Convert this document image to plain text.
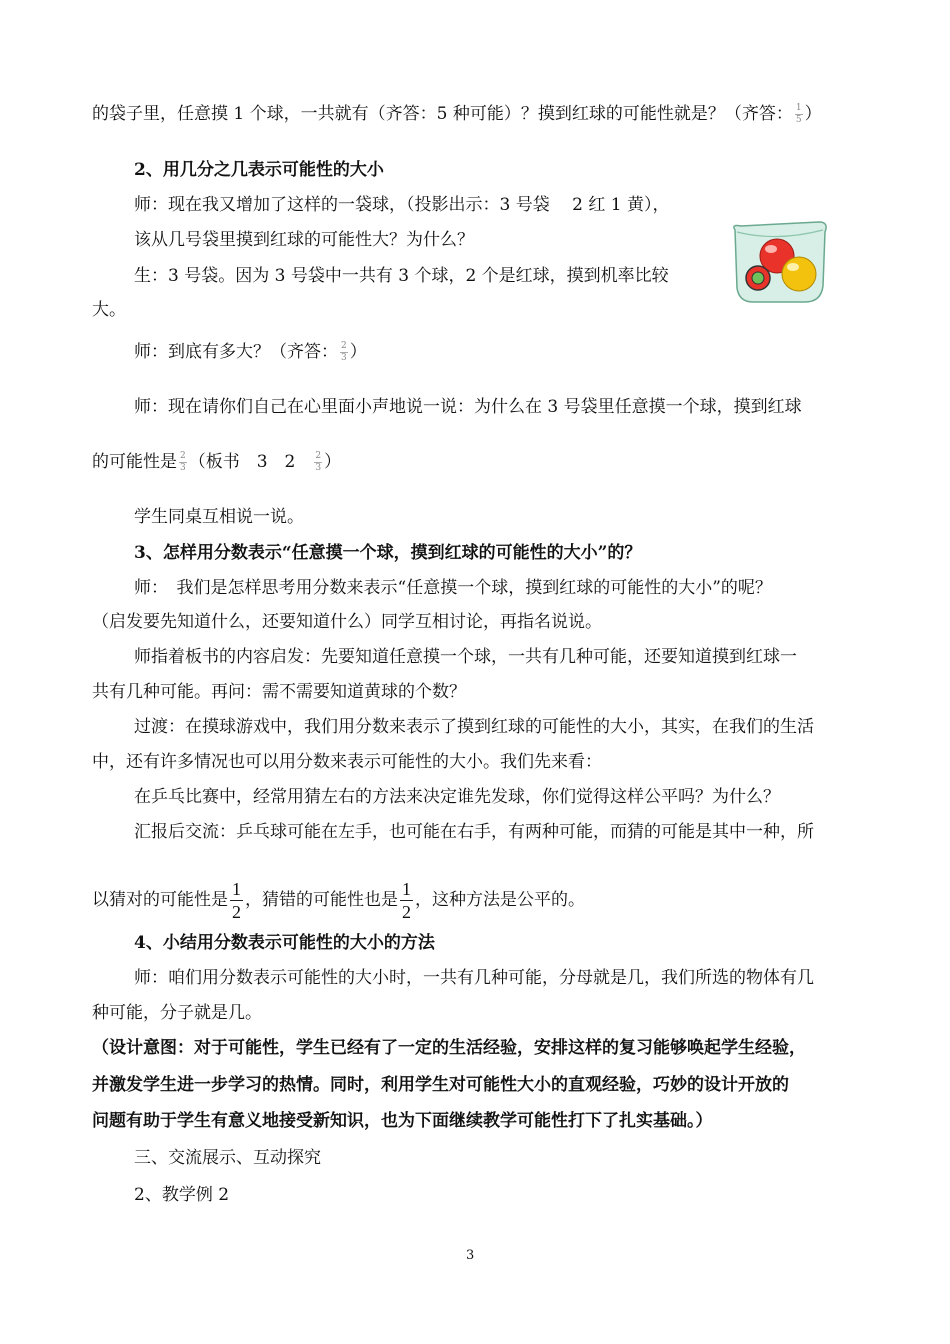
的袋子里，任意摸 1 个球，一共就有（齐答：5 种可能）？摸到红球的可能性就是？（齐答： $\frac{1}{5}$ ）
2、用几分之几表示可能性的大小
师：现在我又增加了这样的一袋球，（投影出示：3 号袋　 2 红 1 黄），
该从几号袋里摸到红球的可能性大？为什么？
生：3 号袋。因为 3 号袋中一共有 3 个球，2 个是红球，摸到机率比较
大。
师：到底有多大？（齐答： $\frac{2}{3}$ ）
师：现在请你们自己在心里面小声地说一说：为什么在 3 号袋里任意摸一个球，摸到红球
的可能性是 $\frac{2}{3}$ （板书　3　2　 $\frac{2}{3}$ ）
学生同桌互相说一说。
3、怎样用分数表示“任意摸一个球，摸到红球的可能性的大小”的？
师：　我们是怎样思考用分数来表示“任意摸一个球，摸到红球的可能性的大小”的呢？
（启发要先知道什么，还要知道什么）同学互相讨论，再指名说说。
师指着板书的内容启发：先要知道任意摸一个球，一共有几种可能，还要知道摸到红球一
共有几种可能。再问：需不需要知道黄球的个数？
过渡：在摸球游戏中，我们用分数来表示了摸到红球的可能性的大小，其实，在我们的生活
中，还有许多情况也可以用分数来表示可能性的大小。我们先来看：
在乒乓比赛中，经常用猜左右的方法来决定谁先发球，你们觉得这样公平吗？为什么？
汇报后交流：乒乓球可能在左手，也可能在右手，有两种可能，而猜的可能是其中一种，所
以猜对的可能性是 $\frac{1}{2}$ ，猜错的可能性也是 $\frac{1}{2}$ ，这种方法是公平的。
4、小结用分数表示可能性的大小的方法
师：咱们用分数表示可能性的大小时，一共有几种可能，分母就是几，我们所选的物体有几
种可能，分子就是几。
（设计意图：对于可能性，学生已经有了一定的生活经验，安排这样的复习能够唤起学生经验，
并激发学生进一步学习的热情。同时，利用学生对可能性大小的直观经验，巧妙的设计开放的
问题有助于学生有意义地接受新知识，也为下面继续教学可能性打下了扎实基础。）
三、交流展示、互动探究
2、教学例 2
3
